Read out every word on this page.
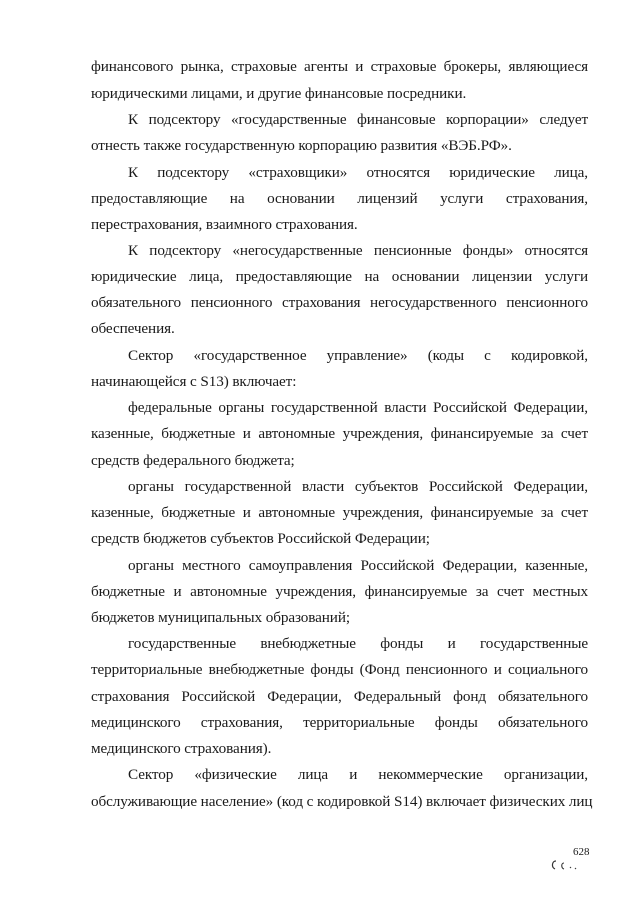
финансового рынка, страховые агенты и страховые брокеры, являющиеся
юридическими лицами, и другие финансовые посредники.
К подсектору «государственные финансовые корпорации» следует
отнесть также государственную корпорацию развития «ВЭБ.РФ».
К подсектору «страховщики» относятся юридические лица,
предоставляющие на основании лицензий услуги страхования,
перестрахования, взаимного страхования.
К подсектору «негосударственные пенсионные фонды» относятся
юридические лица, предоставляющие на основании лицензии услуги
обязательного пенсионного страхования негосударственного пенсионного
обеспечения.
Сектор «государственное управление» (коды с кодировкой,
начинающейся с S13) включает:
федеральные органы государственной власти Российской Федерации,
казенные, бюджетные и автономные учреждения, финансируемые за счет
средств федерального бюджета;
органы государственной власти субъектов Российской Федерации,
казенные, бюджетные и автономные учреждения, финансируемые за счет
средств бюджетов субъектов Российской Федерации;
органы местного самоуправления Российской Федерации, казенные,
бюджетные и автономные учреждения, финансируемые за счет местных
бюджетов муниципальных образований;
государственные внебюджетные фонды и государственные
территориальные внебюджетные фонды (Фонд пенсионного и социального
страхования Российской Федерации, Федеральный фонд обязательного
медицинского страхования, территориальные фонды обязательного
медицинского страхования).
Сектор «физические лица и некоммерческие организации,
обслуживающие население» (код с кодировкой S14) включает физических лиц
628
